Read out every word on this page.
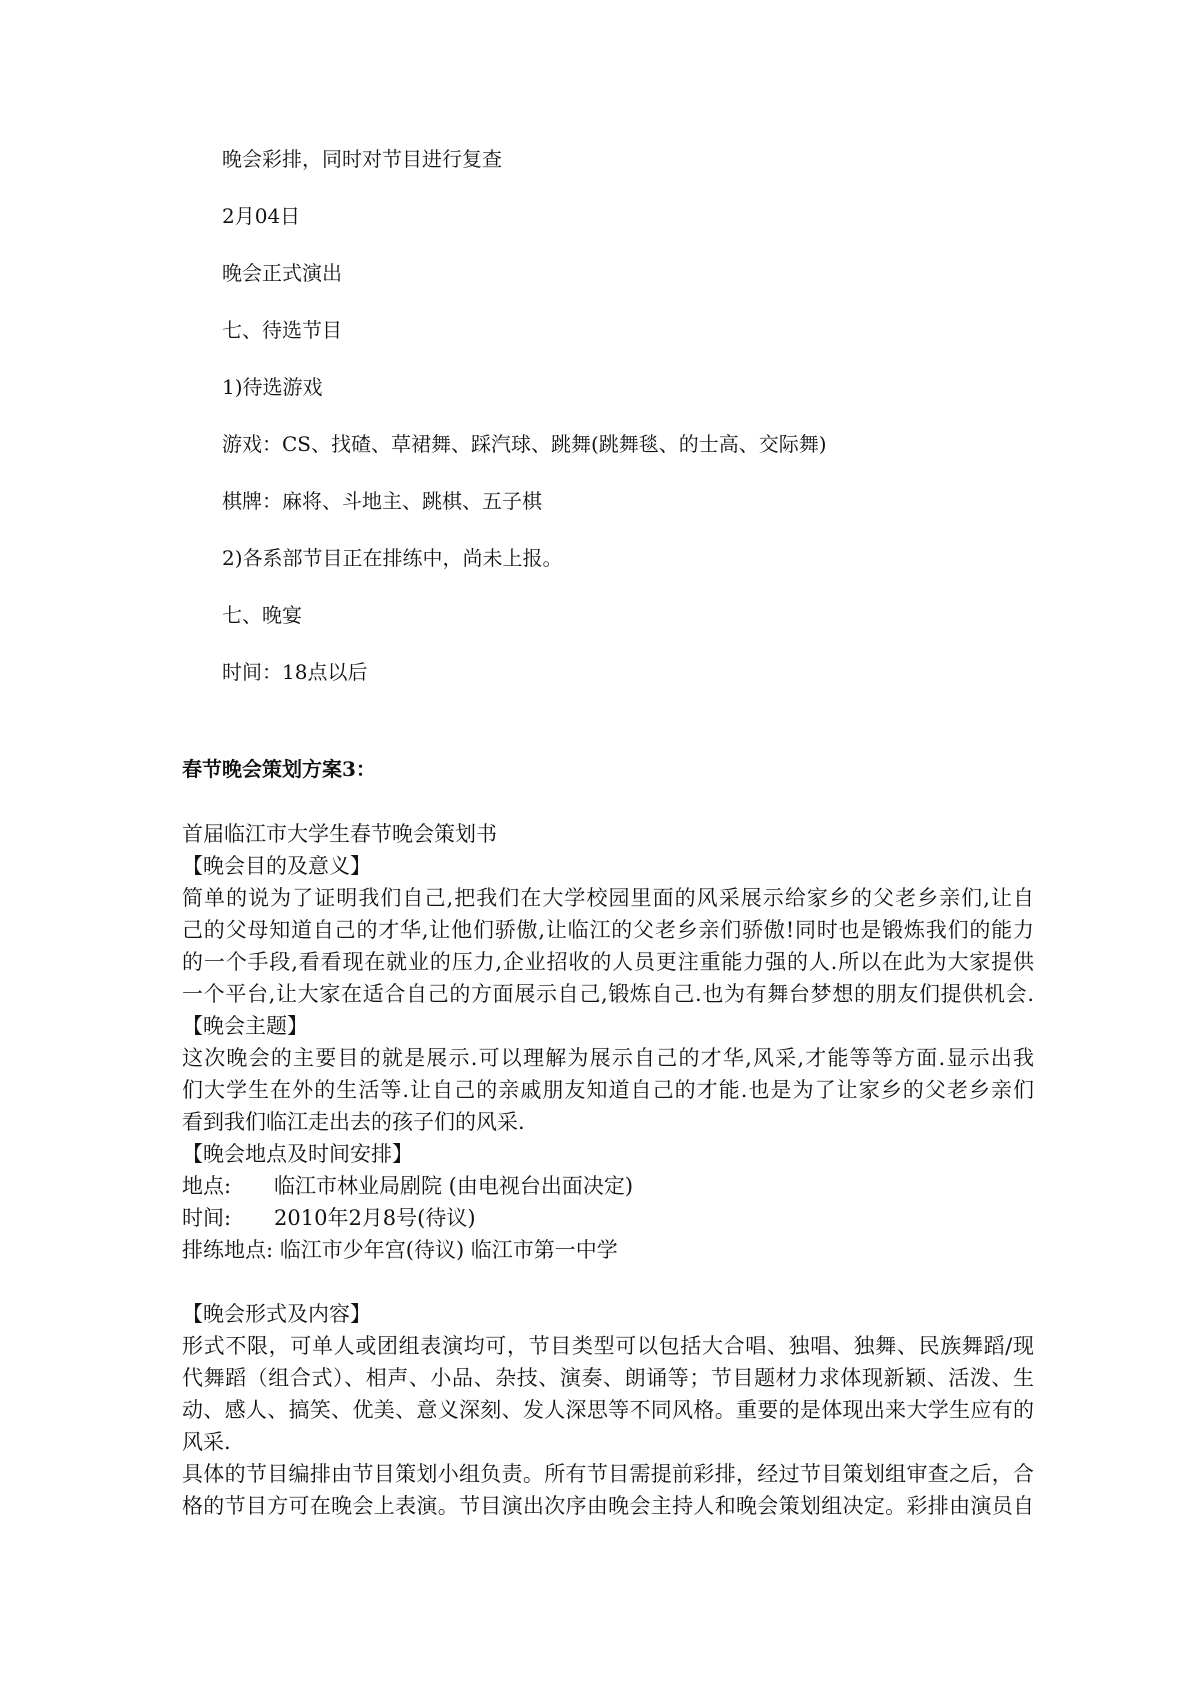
晚会彩排，同时对节目进行复查
2月04日
晚会正式演出
七、待选节目
1)待选游戏
游戏：CS、找碴、草裙舞、踩汽球、跳舞(跳舞毯、的士高、交际舞)
棋牌：麻将、斗地主、跳棋、五子棋
2)各系部节目正在排练中，尚未上报。
七、晚宴
时间：18点以后
春节晚会策划方案3：
首届临江市大学生春节晚会策划书
【晚会目的及意义】
简单的说为了证明我们自己,把我们在大学校园里面的风采展示给家乡的父老乡亲们,让自
己的父母知道自己的才华,让他们骄傲,让临江的父老乡亲们骄傲!同时也是锻炼我们的能力
的一个手段,看看现在就业的压力,企业招收的人员更注重能力强的人.所以在此为大家提供
一个平台,让大家在适合自己的方面展示自己,锻炼自己.也为有舞台梦想的朋友们提供机会.
【晚会主题】
这次晚会的主要目的就是展示.可以理解为展示自己的才华,风采,才能等等方面.显示出我
们大学生在外的生活等.让自己的亲戚朋友知道自己的才能.也是为了让家乡的父老乡亲们
看到我们临江走出去的孩子们的风采.
【晚会地点及时间安排】
地点: 临江市林业局剧院 (由电视台出面决定)
时间: 2010年2月8号(待议)
排练地点: 临江市少年宫(待议) 临江市第一中学
【晚会形式及内容】
形式不限，可单人或团组表演均可，节目类型可以包括大合唱、独唱、独舞、民族舞蹈/现
代舞蹈（组合式）、相声、小品、杂技、演奏、朗诵等；节目题材力求体现新颖、活泼、生
动、感人、搞笑、优美、意义深刻、发人深思等不同风格。重要的是体现出来大学生应有的
风采.
具体的节目编排由节目策划小组负责。所有节目需提前彩排，经过节目策划组审查之后，合
格的节目方可在晚会上表演。节目演出次序由晚会主持人和晚会策划组决定。彩排由演员自
